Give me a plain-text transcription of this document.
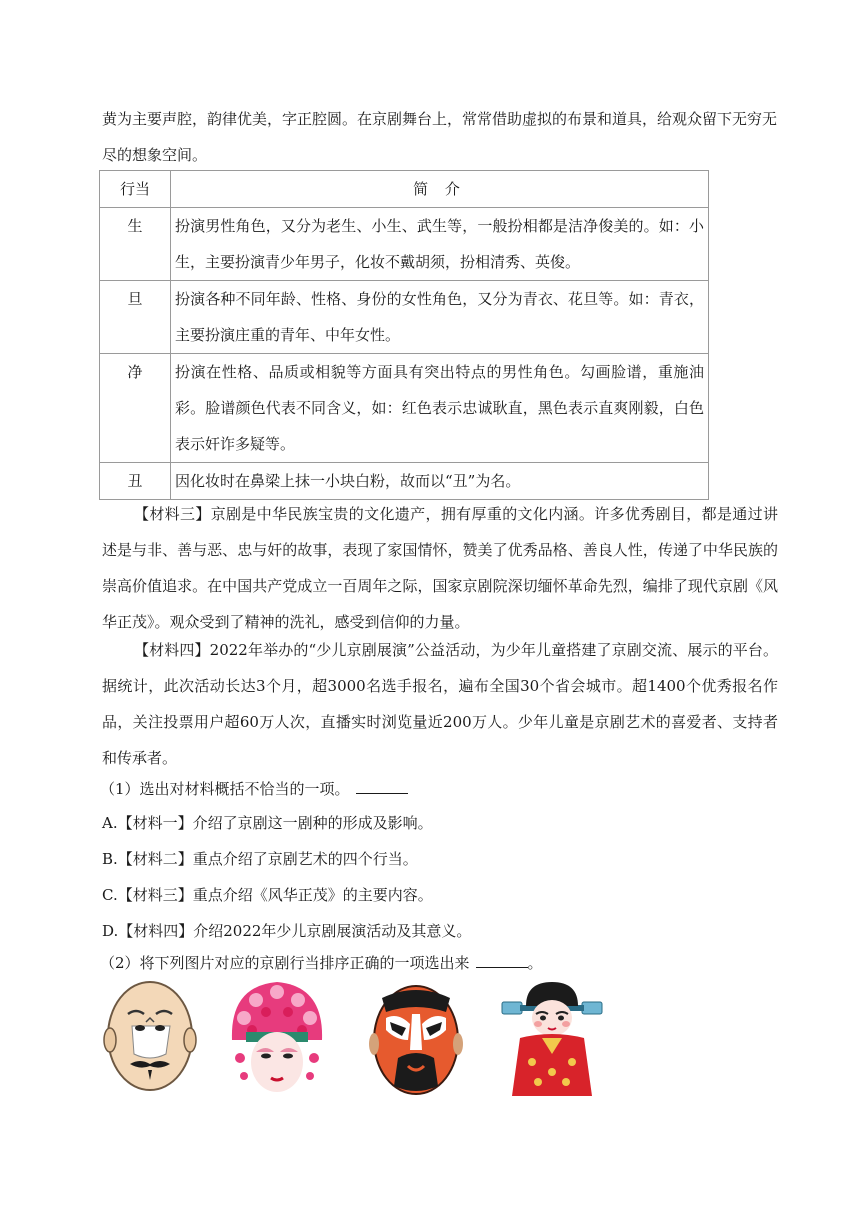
黄为主要声腔，韵律优美，字正腔圆。在京剧舞台上，常常借助虚拟的布景和道具，给观众留下无穷无
尽的想象空间。
行当	简 介
生	扮演男性角色，又分为老生、小生、武生等，一般扮相都是洁净俊美的。如：小生，主要扮演青少年男子，化妆不戴胡须，扮相清秀、英俊。
旦	扮演各种不同年龄、性格、身份的女性角色，又分为青衣、花旦等。如：青衣，主要扮演庄重的青年、中年女性。
净	扮演在性格、品质或相貌等方面具有突出特点的男性角色。勾画脸谱，重施油彩。脸谱颜色代表不同含义，如：红色表示忠诚耿直，黑色表示直爽刚毅，白色表示奸诈多疑等。
丑	因化妆时在鼻梁上抹一小块白粉，故而以“丑”为名。
【材料三】京剧是中华民族宝贵的文化遗产，拥有厚重的文化内涵。许多优秀剧目，都是通过讲述是与非、善与恶、忠与奸的故事，表现了家国情怀，赞美了优秀品格、善良人性，传递了中华民族的崇高价值追求。在中国共产党成立一百周年之际，国家京剧院深切缅怀革命先烈，编排了现代京剧《风华正茂》。观众受到了精神的洗礼，感受到信仰的力量。
【材料四】2022年举办的“少儿京剧展演”公益活动，为少年儿童搭建了京剧交流、展示的平台。据统计，此次活动长达3个月，超3000名选手报名，遍布全国30个省会城市。超1400个优秀报名作品，关注投票用户超60万人次，直播实时浏览量近200万人。少年儿童是京剧艺术的喜爱者、支持者和传承者。
（1）选出对材料概括不恰当的一项。
A.【材料一】介绍了京剧这一剧种的形成及影响。
B.【材料二】重点介绍了京剧艺术的四个行当。
C.【材料三】重点介绍《风华正茂》的主要内容。
D.【材料四】介绍2022年少儿京剧展演活动及其意义。
（2）将下列图片对应的京剧行当排序正确的一项选出来	。
